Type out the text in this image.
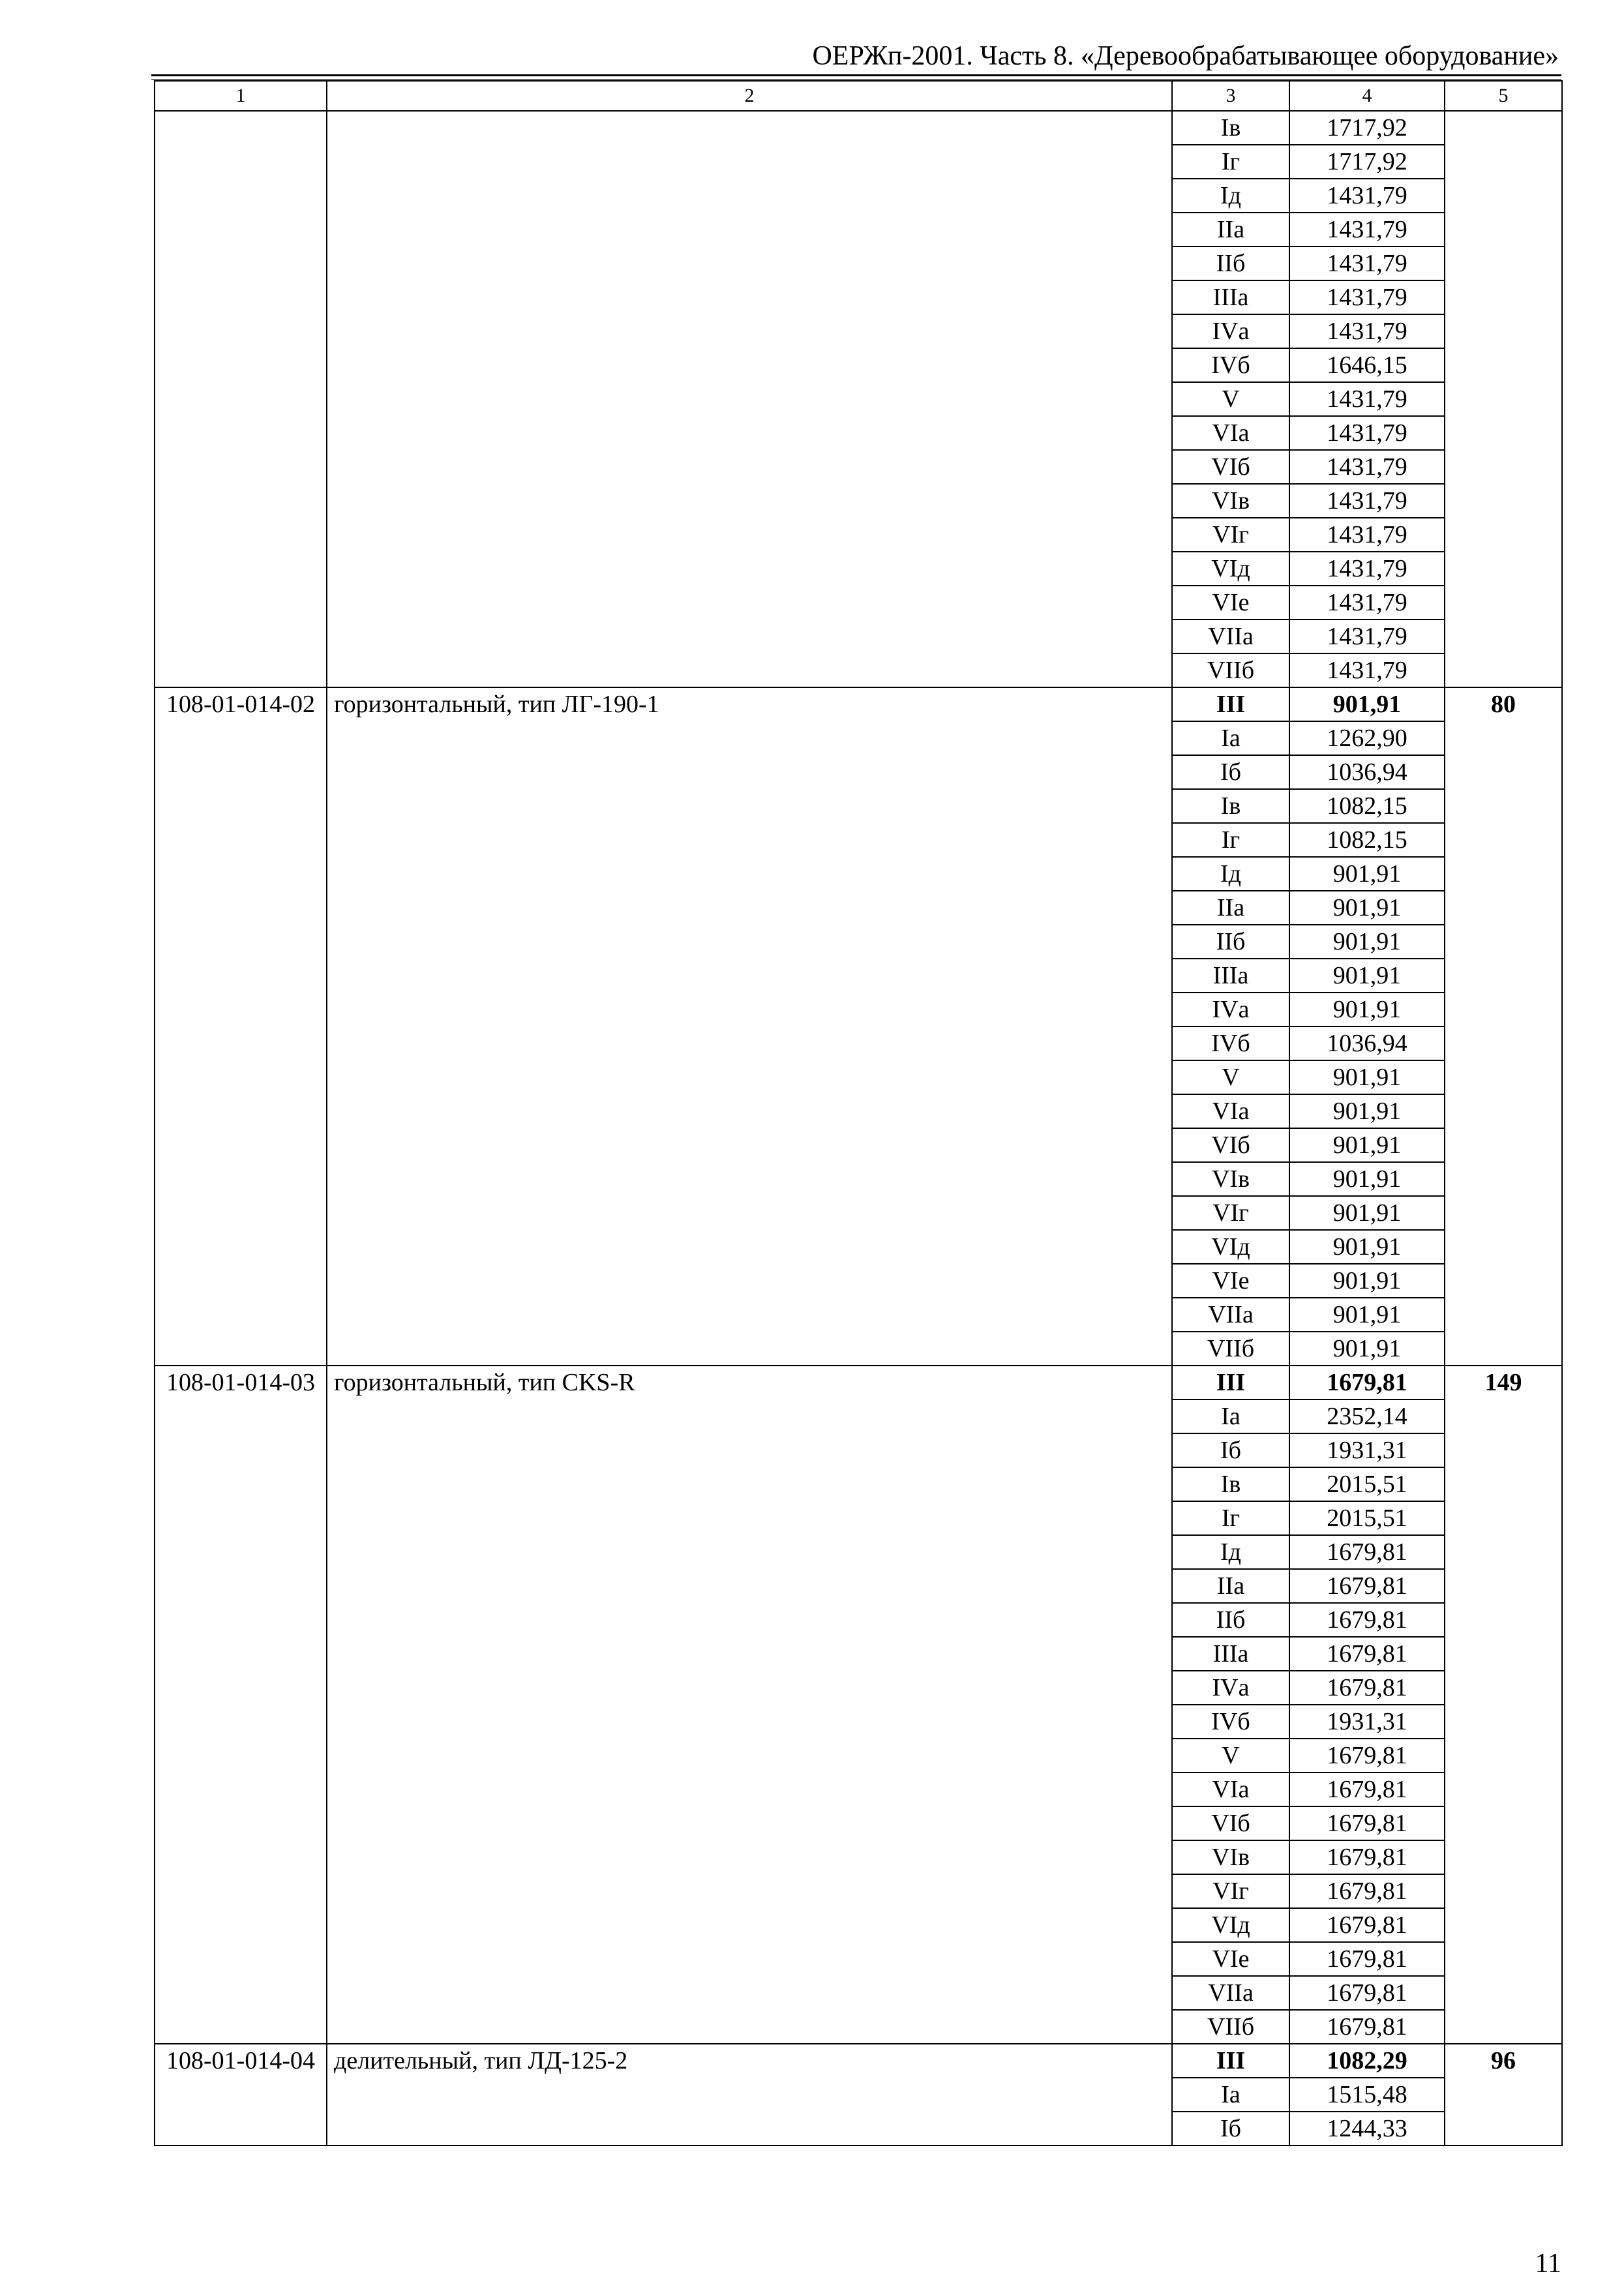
ОЕРЖп-2001. Часть 8. «Деревообрабатывающее оборудование»
1	2	3	4	5
		Iв	1717,92	
		Iг	1717,92	
		Iд	1431,79	
		IIа	1431,79	
		IIб	1431,79	
		IIIа	1431,79	
		IVа	1431,79	
		IVб	1646,15	
		V	1431,79	
		VIа	1431,79	
		VIб	1431,79	
		VIв	1431,79	
		VIг	1431,79	
		VIд	1431,79	
		VIе	1431,79	
		VIIа	1431,79	
		VIIб	1431,79	
108-01-014-02	горизонтальный, тип ЛГ-190-1	III	901,91	80
		Iа	1262,90	
		Iб	1036,94	
		Iв	1082,15	
		Iг	1082,15	
		Iд	901,91	
		IIа	901,91	
		IIб	901,91	
		IIIа	901,91	
		IVа	901,91	
		IVб	1036,94	
		V	901,91	
		VIа	901,91	
		VIб	901,91	
		VIв	901,91	
		VIг	901,91	
		VIд	901,91	
		VIе	901,91	
		VIIа	901,91	
		VIIб	901,91	
108-01-014-03	горизонтальный, тип CKS-R	III	1679,81	149
		Iа	2352,14	
		Iб	1931,31	
		Iв	2015,51	
		Iг	2015,51	
		Iд	1679,81	
		IIа	1679,81	
		IIб	1679,81	
		IIIа	1679,81	
		IVа	1679,81	
		IVб	1931,31	
		V	1679,81	
		VIа	1679,81	
		VIб	1679,81	
		VIв	1679,81	
		VIг	1679,81	
		VIд	1679,81	
		VIе	1679,81	
		VIIа	1679,81	
		VIIб	1679,81	
108-01-014-04	делительный, тип ЛД-125-2	III	1082,29	96
		Iа	1515,48	
		Iб	1244,33	
11
